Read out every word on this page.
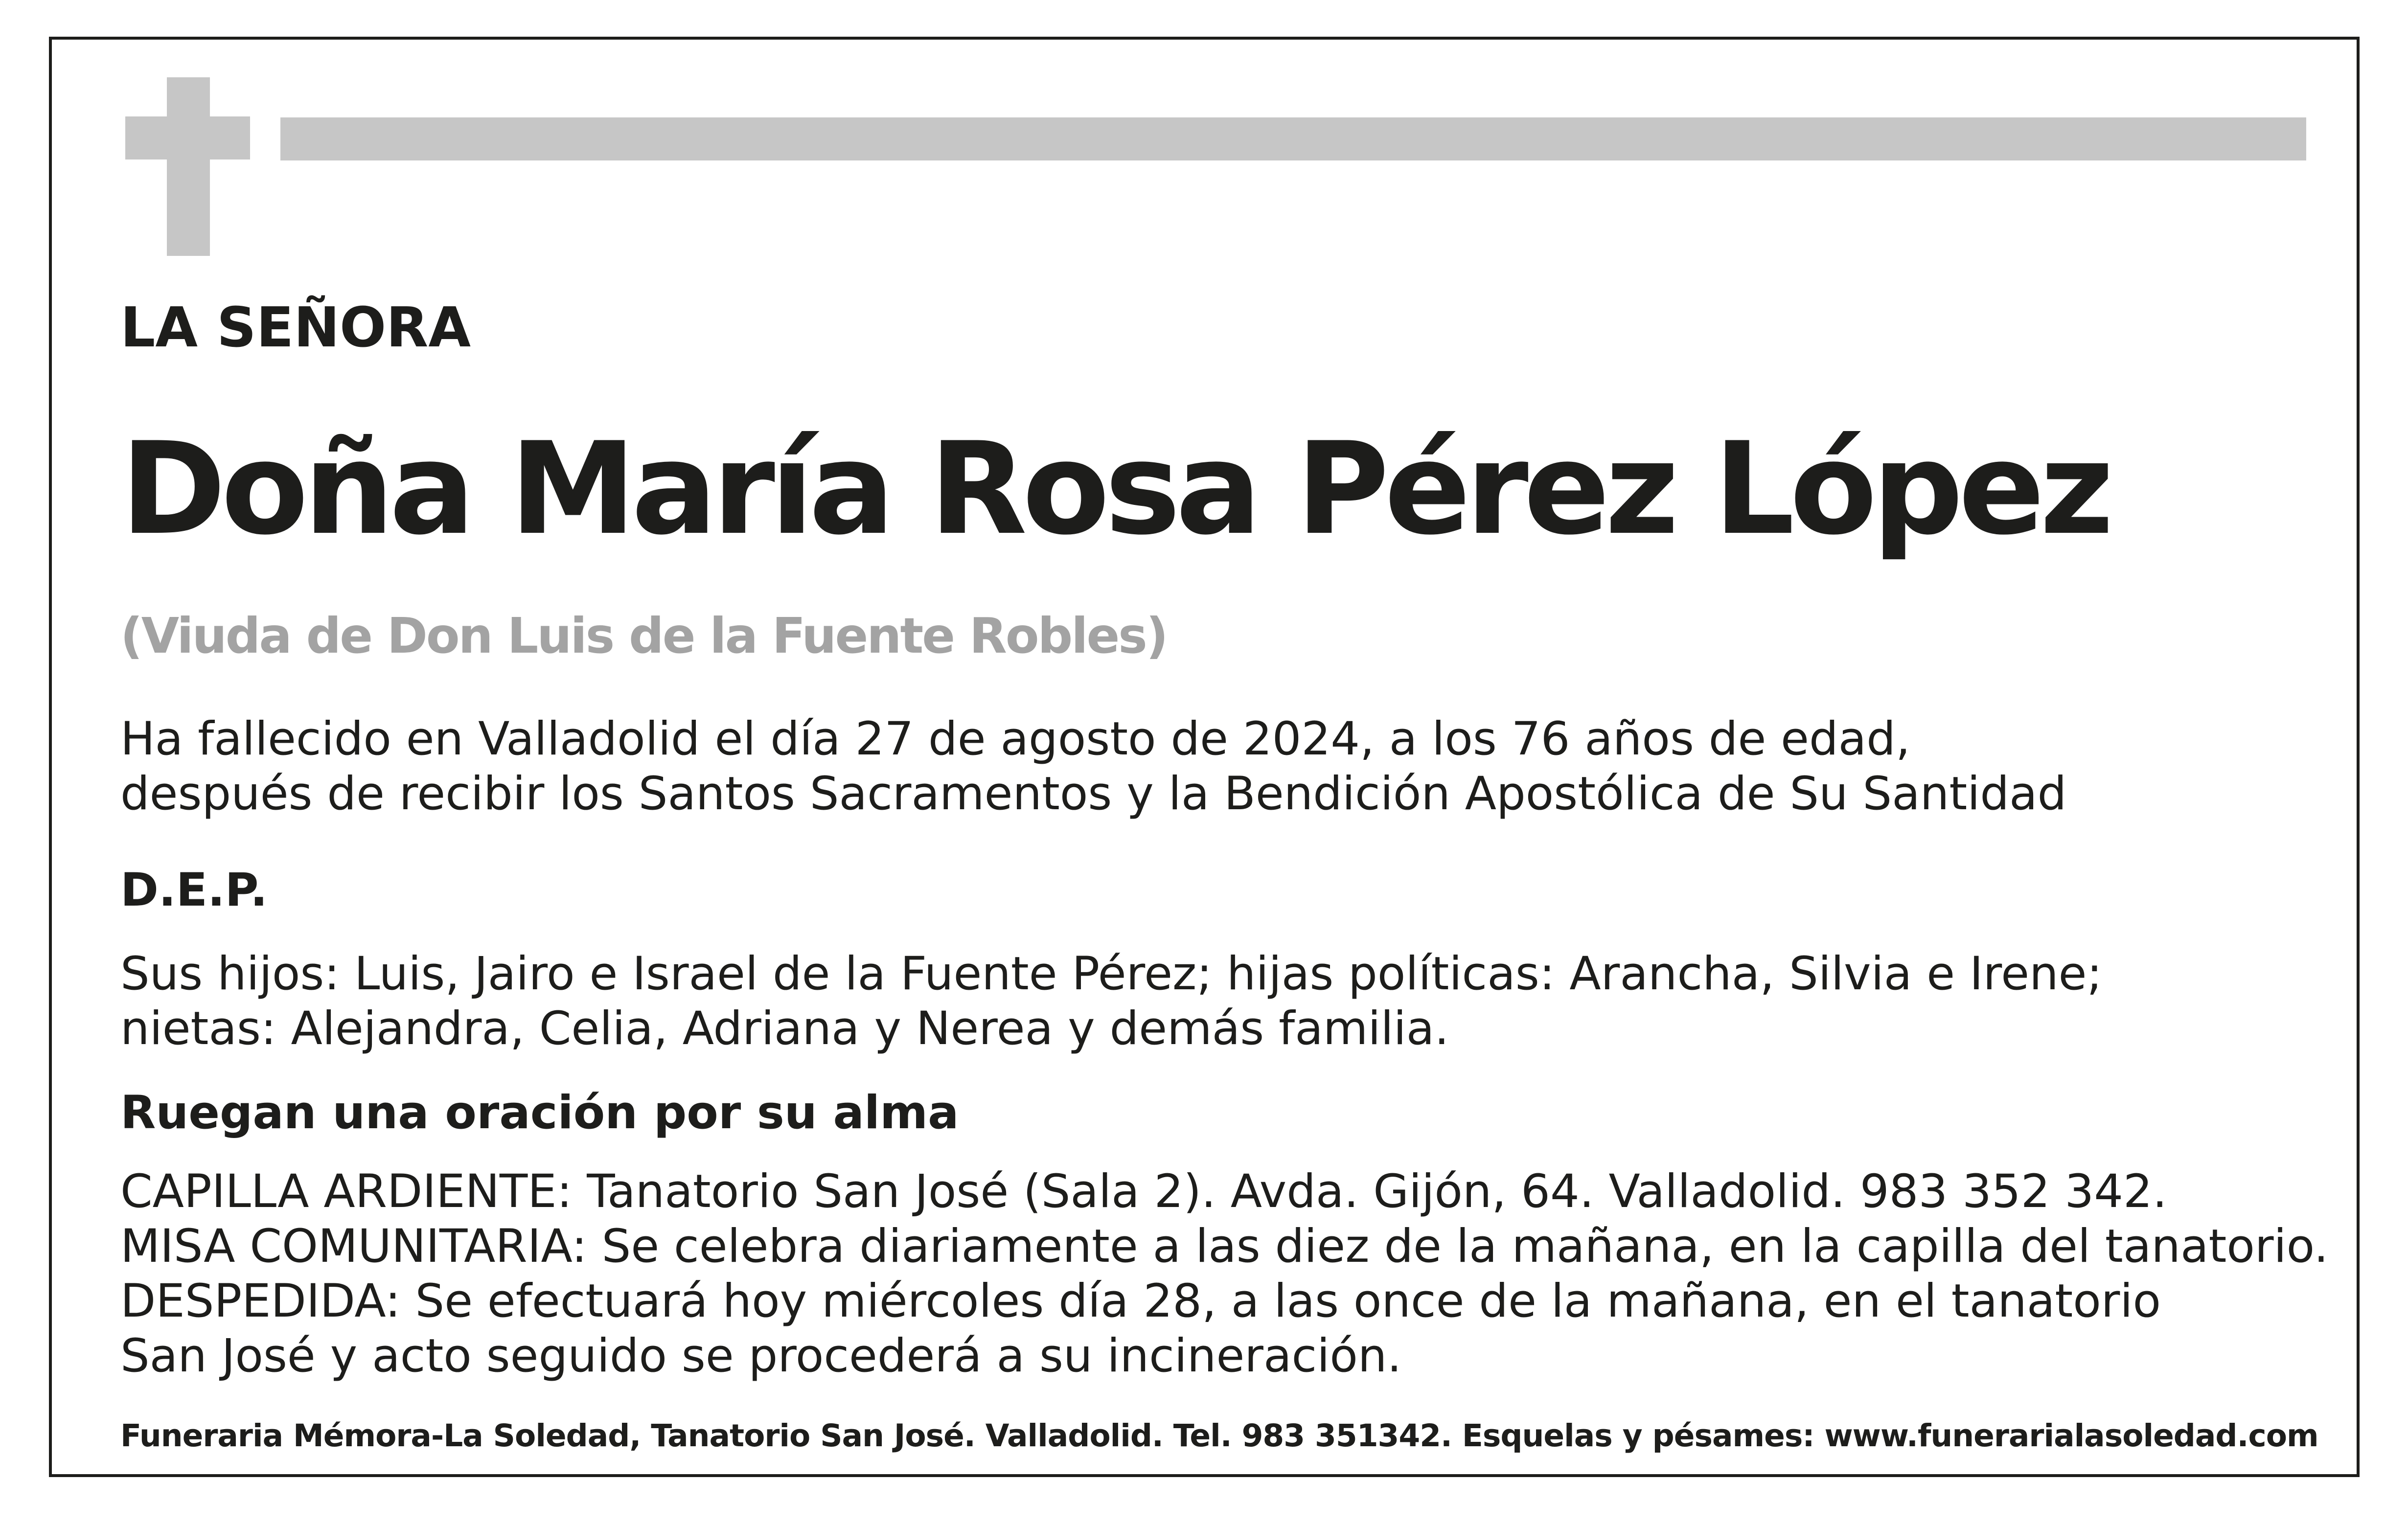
LA SEÑORA

Doña María Rosa Pérez López

(Viuda de Don Luis de la Fuente Robles)

Ha fallecido en Valladolid el día 27 de agosto de 2024, a los 76 años de edad,
después de recibir los Santos Sacramentos y la Bendición Apostólica de Su Santidad

D.E.P.

Sus hijos: Luis, Jairo e Israel de la Fuente Pérez; hijas políticas: Arancha, Silvia e Irene;
nietas: Alejandra, Celia, Adriana y Nerea y demás familia.

Ruegan una oración por su alma

CAPILLA ARDIENTE: Tanatorio San José (Sala 2). Avda. Gijón, 64. Valladolid. 983 352 342.
MISA COMUNITARIA: Se celebra diariamente a las diez de la mañana, en la capilla del tanatorio.
DESPEDIDA: Se efectuará hoy miércoles día 28, a las once de la mañana, en el tanatorio
San José y acto seguido se procederá a su incineración.

Funeraria Mémora-La Soledad, Tanatorio San José. Valladolid. Tel. 983 351342. Esquelas y pésames: www.funerarialasoledad.com
